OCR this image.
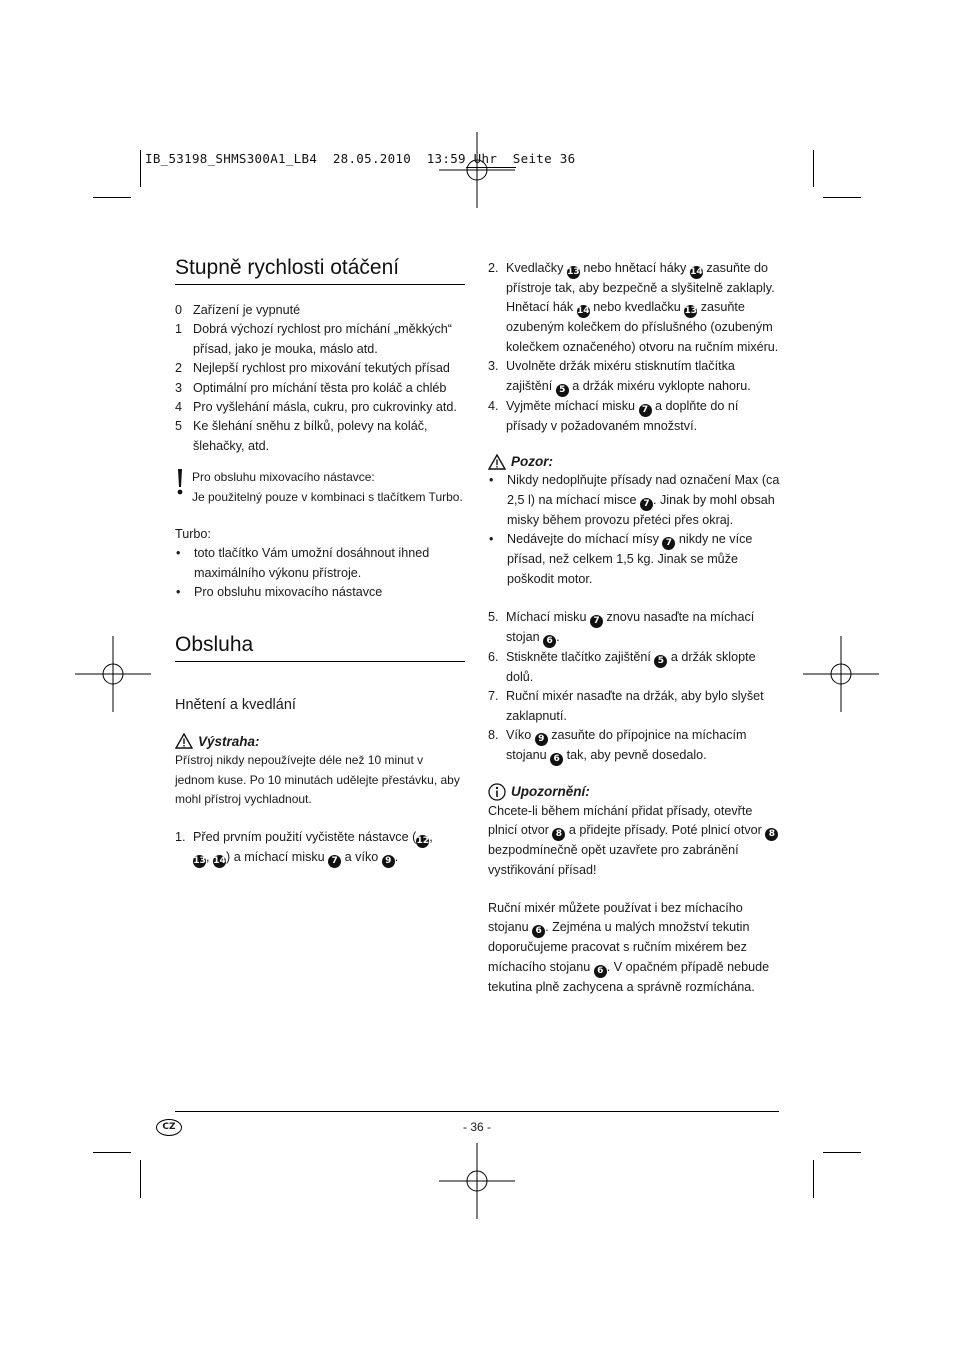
IB_53198_SHMS300A1_LB4  28.05.2010  13:59 Uhr  Seite 36
Stupně rychlosti otáčení
0 Zařízení je vypnuté
1 Dobrá výchozí rychlost pro míchání „měkkých“ přísad, jako je mouka, máslo atd.
2 Nejlepší rychlost pro mixování tekutých přísad
3 Optimální pro míchání těsta pro koláč a chléb
4 Pro vyšlehání másla, cukru, pro cukrovinky atd.
5 Ke šlehání sněhu z bílků, polevy na koláč, šlehačky, atd.
Pro obsluhu mixovacího nástavce:
Je použitelný pouze v kombinaci s tlačítkem Turbo.
Turbo:
•	toto tlačítko Vám umožní dosáhnout ihned maximálního výkonu přístroje.
•	Pro obsluhu mixovacího nástavce
Obsluha
Hnětení a kvedlání
Výstraha:
Přístroj nikdy nepoužívejte déle než 10 minut v jednom kuse. Po 10 minutách udělejte přestávku, aby mohl přístroj vychladnout.
1. Před prvním použití vyčistěte nástavce (12,
13, 14) a míchací misku 7 a víko 9 .
2. Kvedlačky 13 nebo hnětací háky 14 zasuňte do přístroje tak, aby bezpečně a slyšitelně zaklaply. Hnětací hák 14 nebo kvedlačku 13 zasuňte ozubeným kolečkem do příslušného (ozubeným kolečkem označeného) otvoru na ručním mixéru.
3. Uvolněte držák mixéru stisknutím tlačítka zajištění 5 a držák mixéru vyklopte nahoru.
4. Vyjměte míchací misku 7 a doplňte do ní přísady v požadovaném množství.
Pozor:
•	Nikdy nedoplňujte přísady nad označení Max (ca 2,5 l) na míchací misce 7 . Jinak by mohl obsah misky během provozu přetéci přes okraj.
•	Nedávejte do míchací mísy 7 nikdy ne více přísad, než celkem 1,5 kg. Jinak se může poškodit motor.
5. Míchací misku 7 znovu nasaďte na míchací stojan 6 .
6. Stiskněte tlačítko zajištění 5 a držák sklopte dolů.
7. Ruční mixér nasaďte na držák, aby bylo slyšet zaklapnutí.
8. Víko 9 zasuňte do přípojnice na míchacím stojanu 6 tak, aby pevně dosedalo.
Upozornění:
Chcete-li během míchání přidat přísady, otevřte plnicí otvor 8 a přidejte přísady. Poté plnicí otvor 8 bezpodmínečně opět uzavřete pro zabránění vystřikování přísad!
Ruční mixér můžete používat i bez míchacího stojanu 6 . Zejména u malých množství tekutin doporučujeme pracovat s ručním mixérem bez míchacího stojanu 6 . V opačném případě nebude tekutina plně zachycena a správně rozmíchána.
CZ	- 36 -
